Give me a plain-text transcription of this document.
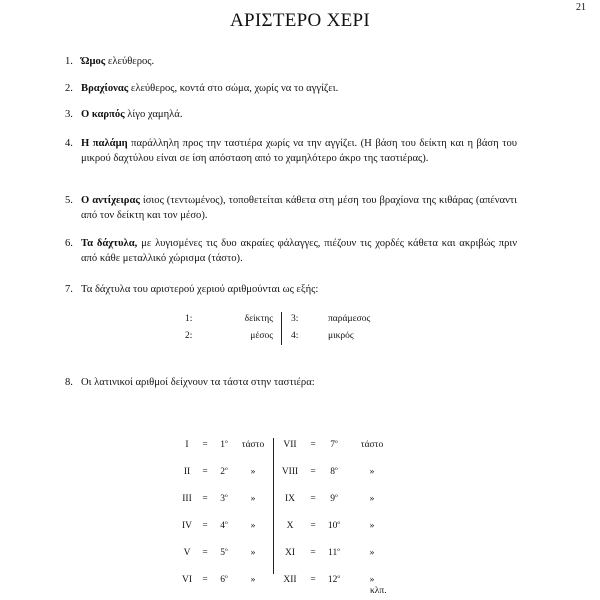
21
ΑΡΙΣΤΕΡΟ ΧΕΡΙ
1. Ώμος ελεύθερος.
2. Βραχίονας ελεύθερος, κοντά στο σώμα, χωρίς να το αγγίζει.
3. Ο καρπός λίγο χαμηλά.
4. Η παλάμη παράλληλη προς την ταστιέρα χωρίς να την αγγίζει. (Η βάση του δείκτη και η βάση του μικρού δαχτύλου είναι σε ίση απόσταση από το χαμηλότερο άκρο της ταστιέρας).
5. Ο αντίχειρας ίσιος (τεντωμένος), τοποθετείται κάθετα στη μέση του βραχίονα της κιθάρας (απέναντι από τον δείκτη και τον μέσο).
6. Τα δάχτυλα, με λυγισμένες τις δυο ακραίες φάλαγγες, πιέζουν τις χορδές κάθετα και ακριβώς πριν από κάθε μεταλλικό χώρισμα (τάστο).
7. Τα δάχτυλα του αριστερού χεριού αριθμούνται ως εξής:
1:	δείκτης 3:	παράμεσος
2:	μέσος 4:	μικρός
8. Οι λατινικοί αριθμοί δείχνουν τα τάστα στην ταστιέρα:
κλπ.
I	=	$1^o$	τάστο	VII	=	$7^o$	τάστο
II	=	$2^o$	»	VIII	=	$8^o$	»
III =	$3^o$	»	IX	=	$9^o$	»
IV =	$4^o$	»	X	=	$10^o$	»
V	=	$5^o$	»	XI	=	$11^o$	»
VI =	$6^o$	»	XII	=	$12^o$	»
